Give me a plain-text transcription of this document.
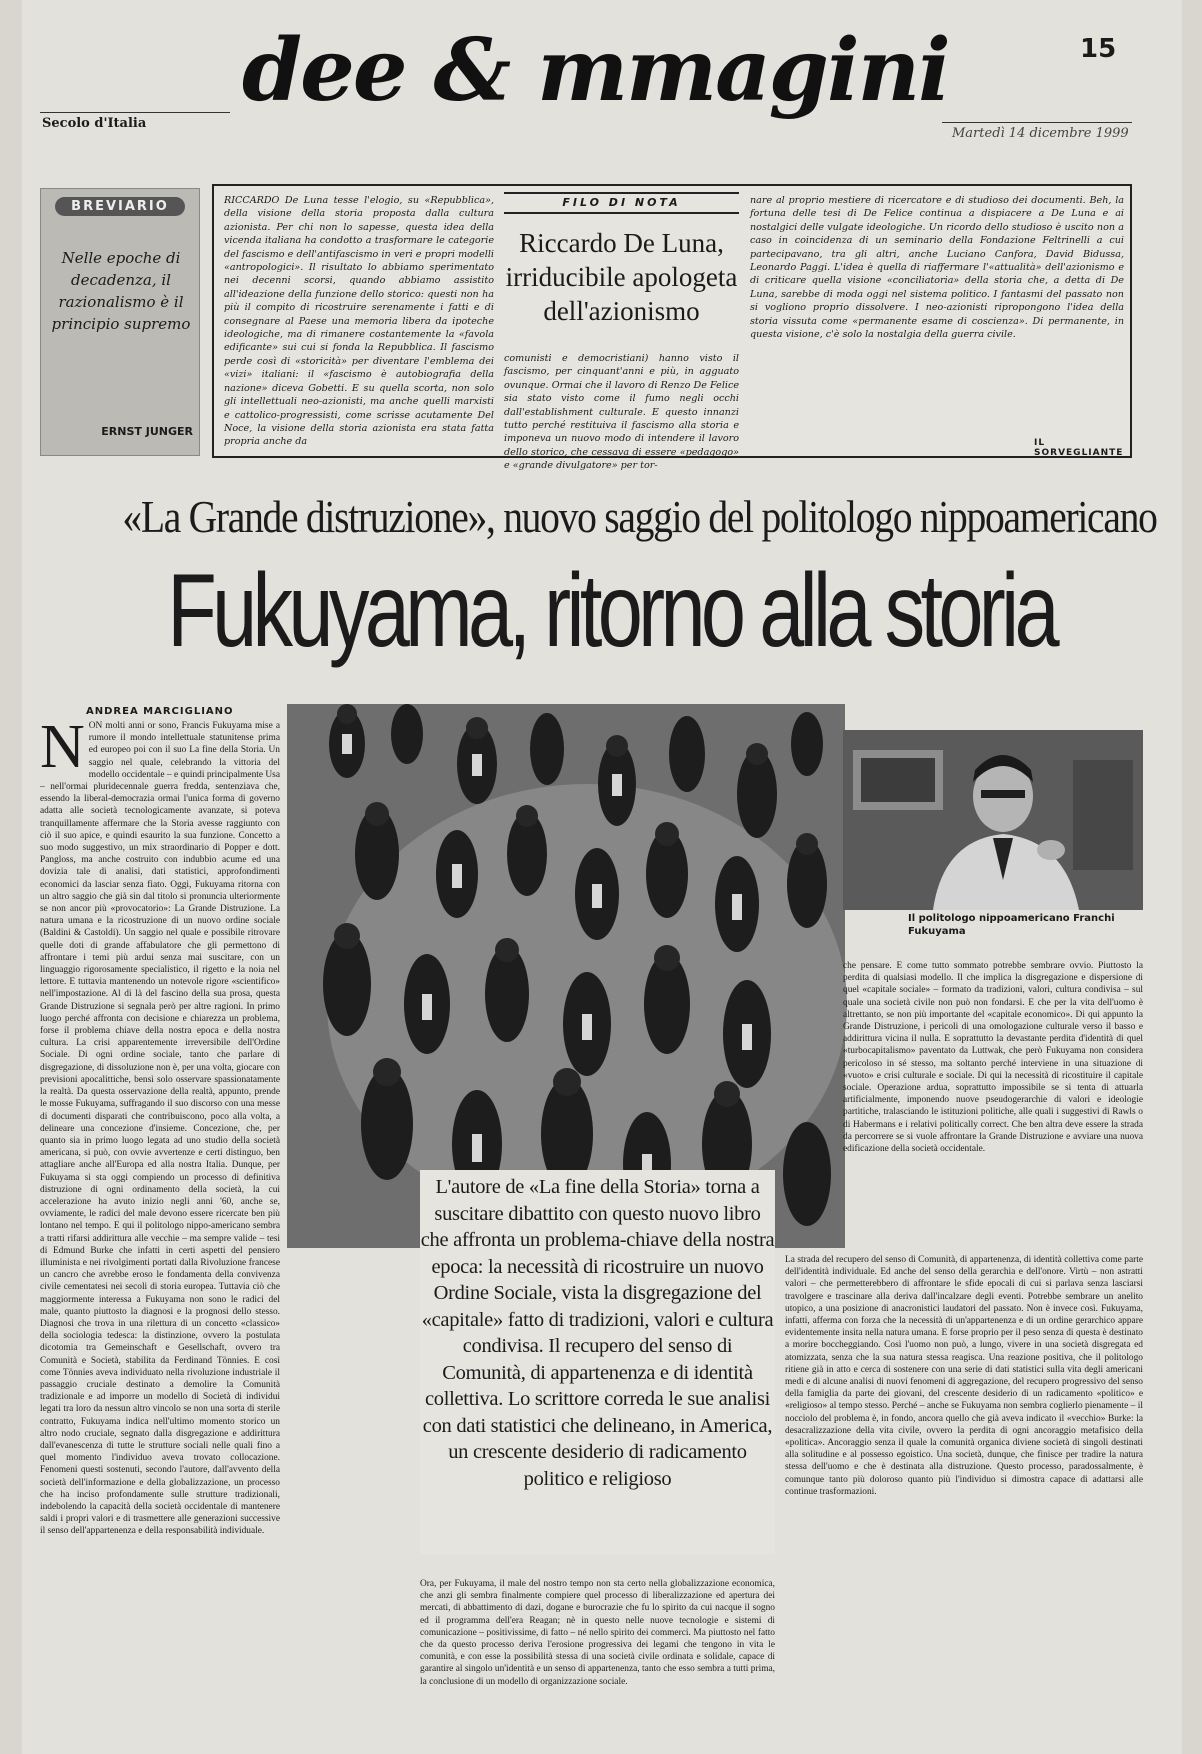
Secolo d'Italia
dee & mmagini
Martedì 14 dicembre 1999
15
BREVIARIO
Nelle epoche di decadenza, il razionalismo è il principio supremo
ERNST JUNGER
RICCARDO De Luna tesse l'elogio, su «Repubblica», della visione della storia proposta dalla cultura azionista. Per chi non lo sapesse, questa idea della vicenda italiana ha condotto a trasformare le categorie del fascismo e dell'antifascismo in veri e propri modelli «antropologici». Il risultato lo abbiamo sperimentato nei decenni scorsi, quando abbiamo assistito all'ideazione della funzione dello storico: questi non ha più il compito di ricostruire serenamente i fatti e di consegnare al Paese una memoria libera da ipoteche ideologiche, ma di rimanere costantemente la «favola edificante» sui cui si fonda la Repubblica. Il fascismo perde così di «storicità» per diventare l'emblema dei «vizi» italiani: il «fascismo è autobiografia della nazione» diceva Gobetti. E su quella scorta, non solo gli intellettuali neo-azionisti, ma anche quelli marxisti e cattolico-progressisti, come scrisse acutamente Del Noce, la visione della storia azionista era stata fatta propria anche da
FILO DI NOTA
Riccardo De Luna, irriducibile apologeta dell'azionismo
comunisti e democristiani) hanno visto il fascismo, per cinquant'anni e più, in agguato ovunque. Ormai che il lavoro di Renzo De Felice sia stato visto come il fumo negli occhi dall'establishment culturale. E questo innanzi tutto perché restituiva il fascismo alla storia e imponeva un nuovo modo di intendere il lavoro dello storico, che cessava di essere «pedagogo» e «grande divulgatore» per tor-
nare al proprio mestiere di ricercatore e di studioso dei documenti. Beh, la fortuna delle tesi di De Felice continua a dispiacere a De Luna e ai nostalgici delle vulgate ideologiche. Un ricordo dello studioso è uscito non a caso in coincidenza di un seminario della Fondazione Feltrinelli a cui partecipavano, tra gli altri, anche Luciano Canfora, David Bidussa, Leonardo Paggi. L'idea è quella di riaffermare l'«attualità» dell'azionismo e di criticare quella visione «conciliatoria» della storia che, a detta di De Luna, sarebbe di moda oggi nel sistema politico. I fantasmi del passato non si vogliono proprio dissolvere. I neo-azionisti ripropongono l'idea della storia vissuta come «permanente esame di coscienza». Di permanente, in questa visione, c'è solo la nostalgia della guerra civile.
IL SORVEGLIANTE
«La Grande distruzione», nuovo saggio del politologo nippoamericano
Fukuyama, ritorno alla storia
ANDREA MARCIGLIANO
NON molti anni or sono, Francis Fukuyama mise a rumore il mondo intellettuale statunitense prima ed europeo poi con il suo La fine della Storia. Un saggio nel quale, celebrando la vittoria del modello occidentale – e quindi principalmente Usa – nell'ormai pluridecennale guerra fredda, sentenziava che, essendo la liberal-democrazia ormai l'unica forma di governo adatta alle società tecnologicamente avanzate, si poteva tranquillamente affermare che la Storia avesse raggiunto con ciò il suo apice, e quindi esaurito la sua funzione. Concetto a suo modo suggestivo, un mix straordinario di Popper e dott. Pangloss, ma anche costruito con indubbio acume ed una dovizia tale di analisi, dati statistici, approfondimenti economici da lasciar senza fiato. Oggi, Fukuyama ritorna con un altro saggio che già sin dal titolo si pronuncia ulteriormente se non ancor più «provocatorio»: La Grande Distruzione. La natura umana e la ricostruzione di un nuovo ordine sociale (Baldini & Castoldi). Un saggio nel quale e possibile ritrovare quelle doti di grande affabulatore che gli permettono di affrontare i temi più ardui senza mai suscitare, con un linguaggio rigorosamente specialistico, il rigetto e la noia nel lettore. E tuttavia mantenendo un notevole rigore «scientifico» nell'impostazione. Al di là del fascino della sua prosa, questa Grande Distruzione si segnala però per altre ragioni. In primo luogo perché affronta con decisione e chiarezza un problema, forse il problema chiave della nostra epoca e della nostra cultura. La crisi apparentemente irreversibile dell'Ordine Sociale. Di ogni ordine sociale, tanto che parlare di disgregazione, di dissoluzione non è, per una volta, giocare con previsioni apocalittiche, bensì solo osservare spassionatamente la realtà. Da questa osservazione della realtà, appunto, prende le mosse Fukuyama, suffragando il suo discorso con una messe di documenti disparati che contribuiscono, poco alla volta, a delineare una concezione d'insieme. Concezione, che, per quanto sia in primo luogo legata ad uno studio della società americana, si può, con ovvie avvertenze e certi distinguo, ben attagliare anche all'Europa ed alla nostra Italia. Dunque, per Fukuyama si sta oggi compiendo un processo di definitiva distruzione di ogni ordinamento della società, la cui accelerazione ha avuto inizio negli anni '60, anche se, ovviamente, le radici del male devono essere ricercate ben più lontano nel tempo. E qui il politologo nippo-americano sembra a tratti rifarsi addirittura alle vecchie – ma sempre valide – tesi di Edmund Burke che infatti in certi aspetti del pensiero illuminista e nei rivolgimenti portati dalla Rivoluzione francese un cancro che avrebbe eroso le fondamenta della convivenza civile cementatesi nei secoli di storia europea. Tuttavia ciò che maggiormente interessa a Fukuyama non sono le radici del male, quanto piuttosto la diagnosi e la prognosi dello stesso. Diagnosi che trova in una rilettura di un concetto «classico» della sociologia tedesca: la distinzione, ovvero la postulata dicotomia tra Gemeinschaft e Gesellschaft, ovvero tra Comunità e Società, stabilita da Ferdinand Tönnies. E così come Tönnies aveva individuato nella rivoluzione industriale il passaggio cruciale destinato a demolire la Comunità tradizionale e ad imporre un modello di Società di individui legati tra loro da nessun altro vincolo se non una sorta di sterile contratto, Fukuyama indica nell'ultimo momento storico un altro nodo cruciale, segnato dalla disgregazione e addirittura dall'evanescenza di tutte le strutture sociali nelle quali fino a quel momento l'individuo aveva trovato collocazione. Fenomeni questi sostenuti, secondo l'autore, dall'avvento della società dell'informazione e della globalizzazione, un processo che ha inciso profondamente sulle strutture tradizionali, indebolendo la capacità della società occidentale di mantenere saldi i propri valori e di trasmettere alle generazioni successive il senso dell'appartenenza e della responsabilità individuale.
Il politologo nippoamericano Franchi Fukuyama
che pensare. E come tutto sommato potrebbe sembrare ovvio. Piuttosto la perdita di qualsiasi modello. Il che implica la disgregazione e dispersione di quel «capitale sociale» – formato da tradizioni, valori, cultura condivisa – sul quale una società civile non può non fondarsi. E che per la vita dell'uomo è altrettanto, se non più importante del «capitale economico». Di qui appunto la Grande Distruzione, i pericoli di una omologazione culturale verso il basso e addirittura vicina il nulla. E soprattutto la devastante perdita d'identità di quel «turbocapitalismo» paventato da Luttwak, che però Fukuyama non considera pericoloso in sé stesso, ma soltanto perché interviene in una situazione di «vuoto» e crisi culturale e sociale. Di qui la necessità di ricostituire il capitale sociale. Operazione ardua, soprattutto impossibile se si tenta di attuarla artificialmente, imponendo nuove pseudogerarchie di valori e ideologie partitiche, tralasciando le istituzioni politiche, alle quali i suggestivi di Rawls o di Habermans e i relativi politically correct. Che ben altra deve essere la strada da percorrere se si vuole affrontare la Grande Distruzione e avviare una nuova edificazione della società occidentale.
L'autore de «La fine della Storia» torna a suscitare dibattito con questo nuovo libro che affronta un problema-chiave della nostra epoca: la necessità di ricostruire un nuovo Ordine Sociale, vista la disgregazione del «capitale» fatto di tradizioni, valori e cultura condivisa. Il recupero del senso di Comunità, di appartenenza e di identità collettiva. Lo scrittore correda le sue analisi con dati statistici che delineano, in America, un crescente desiderio di radicamento politico e religioso
Ora, per Fukuyama, il male del nostro tempo non sta certo nella globalizzazione economica, che anzi gli sembra finalmente compiere quel processo di liberalizzazione ed apertura dei mercati, di abbattimento di dazi, dogane e burocrazie che fu lo spirito da cui nacque il sogno ed il programma dell'era Reagan; nè in questo nelle nuove tecnologie e sistemi di comunicazione – positivissime, di fatto – né nello spirito dei commerci. Ma piuttosto nel fatto che da questo processo deriva l'erosione progressiva dei legami che tengono in vita le comunità, e con esse la possibilità stessa di una società civile ordinata e solidale, capace di garantire al singolo un'identità e un senso di appartenenza, tanto che esso sembra a tutti prima, la conclusione di un modello di organizzazione sociale.
La strada del recupero del senso di Comunità, di appartenenza, di identità collettiva come parte dell'identità individuale. Ed anche del senso della gerarchia e dell'onore. Virtù – non astratti valori – che permetterebbero di affrontare le sfide epocali di cui si parlava senza lasciarsi travolgere e trascinare alla deriva dall'incalzare degli eventi. Potrebbe sembrare un anelito utopico, a una posizione di anacronistici laudatori del passato. Non è invece così. Fukuyama, infatti, afferma con forza che la necessità di un'appartenenza e di un ordine gerarchico appare evidentemente insita nella natura umana. E forse proprio per il peso senza di questa è destinato a morire boccheggiando. Così l'uomo non può, a lungo, vivere in una società disgregata ed atomizzata, senza che la sua natura stessa reagisca. Una reazione positiva, che il politologo ritiene già in atto e cerca di sostenere con una serie di dati statistici sulla vita degli americani medi e di alcune analisi di nuovi fenomeni di aggregazione, del recupero progressivo del senso della famiglia da parte dei giovani, del crescente desiderio di un radicamento «politico» e «religioso» al tempo stesso. Perché – anche se Fukuyama non sembra coglierlo pienamente – il nocciolo del problema è, in fondo, ancora quello che già aveva indicato il «vecchio» Burke: la desacralizzazione della vita civile, ovvero la perdita di ogni ancoraggio metafisico della «politica». Ancoraggio senza il quale la comunità organica diviene società di singoli destinati alla solitudine e al possesso egoistico. Una società, dunque, che finisce per tradire la natura stessa dell'uomo e che è destinata alla distruzione. Questo processo, paradossalmente, è comunque tanto più doloroso quanto più l'individuo si dimostra capace di adattarsi alle continue trasformazioni.
